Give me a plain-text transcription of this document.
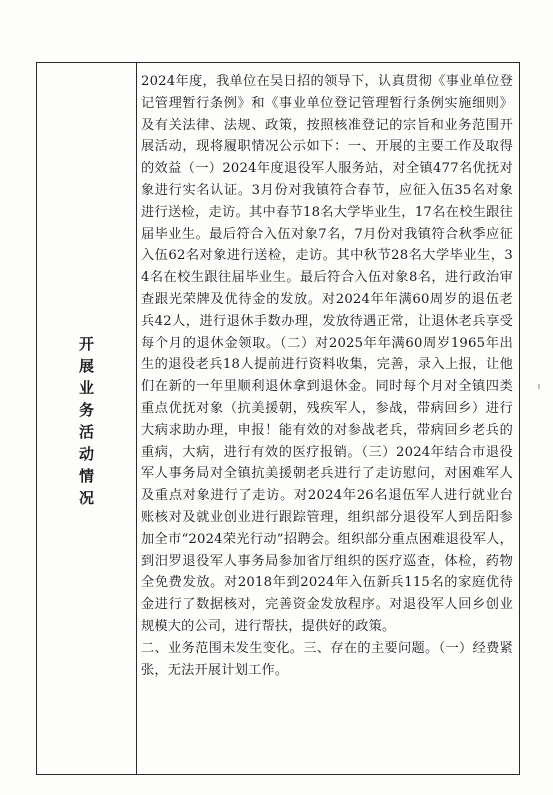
开展业务活动情况

2024年度，我单位在吴日招的领导下，认真贯彻《事业单位登记管理暂行条例》和《事业单位登记管理暂行条例实施细则》及有关法律、法规、政策，按照核准登记的宗旨和业务范围开展活动，现将履职情况公示如下：一、开展的主要工作及取得的效益（一）2024年度退役军人服务站，对全镇477名优抚对象进行实名认证。3月份对我镇符合春节，应征入伍35名对象进行送检，走访。其中春节18名大学毕业生，17名在校生跟往届毕业生。最后符合入伍对象7名，7月份对我镇符合秋季应征入伍62名对象进行送检，走访。其中秋节28名大学毕业生，34名在校生跟往届毕业生。最后符合入伍对象8名，进行政治审查跟光荣牌及优待金的发放。对2024年年满60周岁的退伍老兵42人，进行退休手数办理，发放待遇正常，让退休老兵享受每个月的退休金领取。（二）对2025年年满60周岁1965年出生的退役老兵18人提前进行资料收集，完善，录入上报，让他们在新的一年里顺利退休拿到退休金。同时每个月对全镇四类重点优抚对象（抗美援朝，残疾军人，参战，带病回乡）进行大病求助办理，申报！能有效的对参战老兵，带病回乡老兵的重病，大病，进行有效的医疗报销。（三）2024年结合市退役军人事务局对全镇抗美援朝老兵进行了走访慰问，对困难军人及重点对象进行了走访。对2024年26名退伍军人进行就业台账核对及就业创业进行跟踪管理，组织部分退役军人到岳阳参加全市“2024荣光行动”招聘会。组织部分重点困难退役军人，到汨罗退役军人事务局参加省厅组织的医疗巡查，体检，药物全免费发放。对2018年到2024年入伍新兵115名的家庭优待金进行了数据核对，完善资金发放程序。对退役军人回乡创业规模大的公司，进行帮扶，提供好的政策。

二、业务范围未发生变化。三、存在的主要问题。（一）经费紧张，无法开展计划工作。
